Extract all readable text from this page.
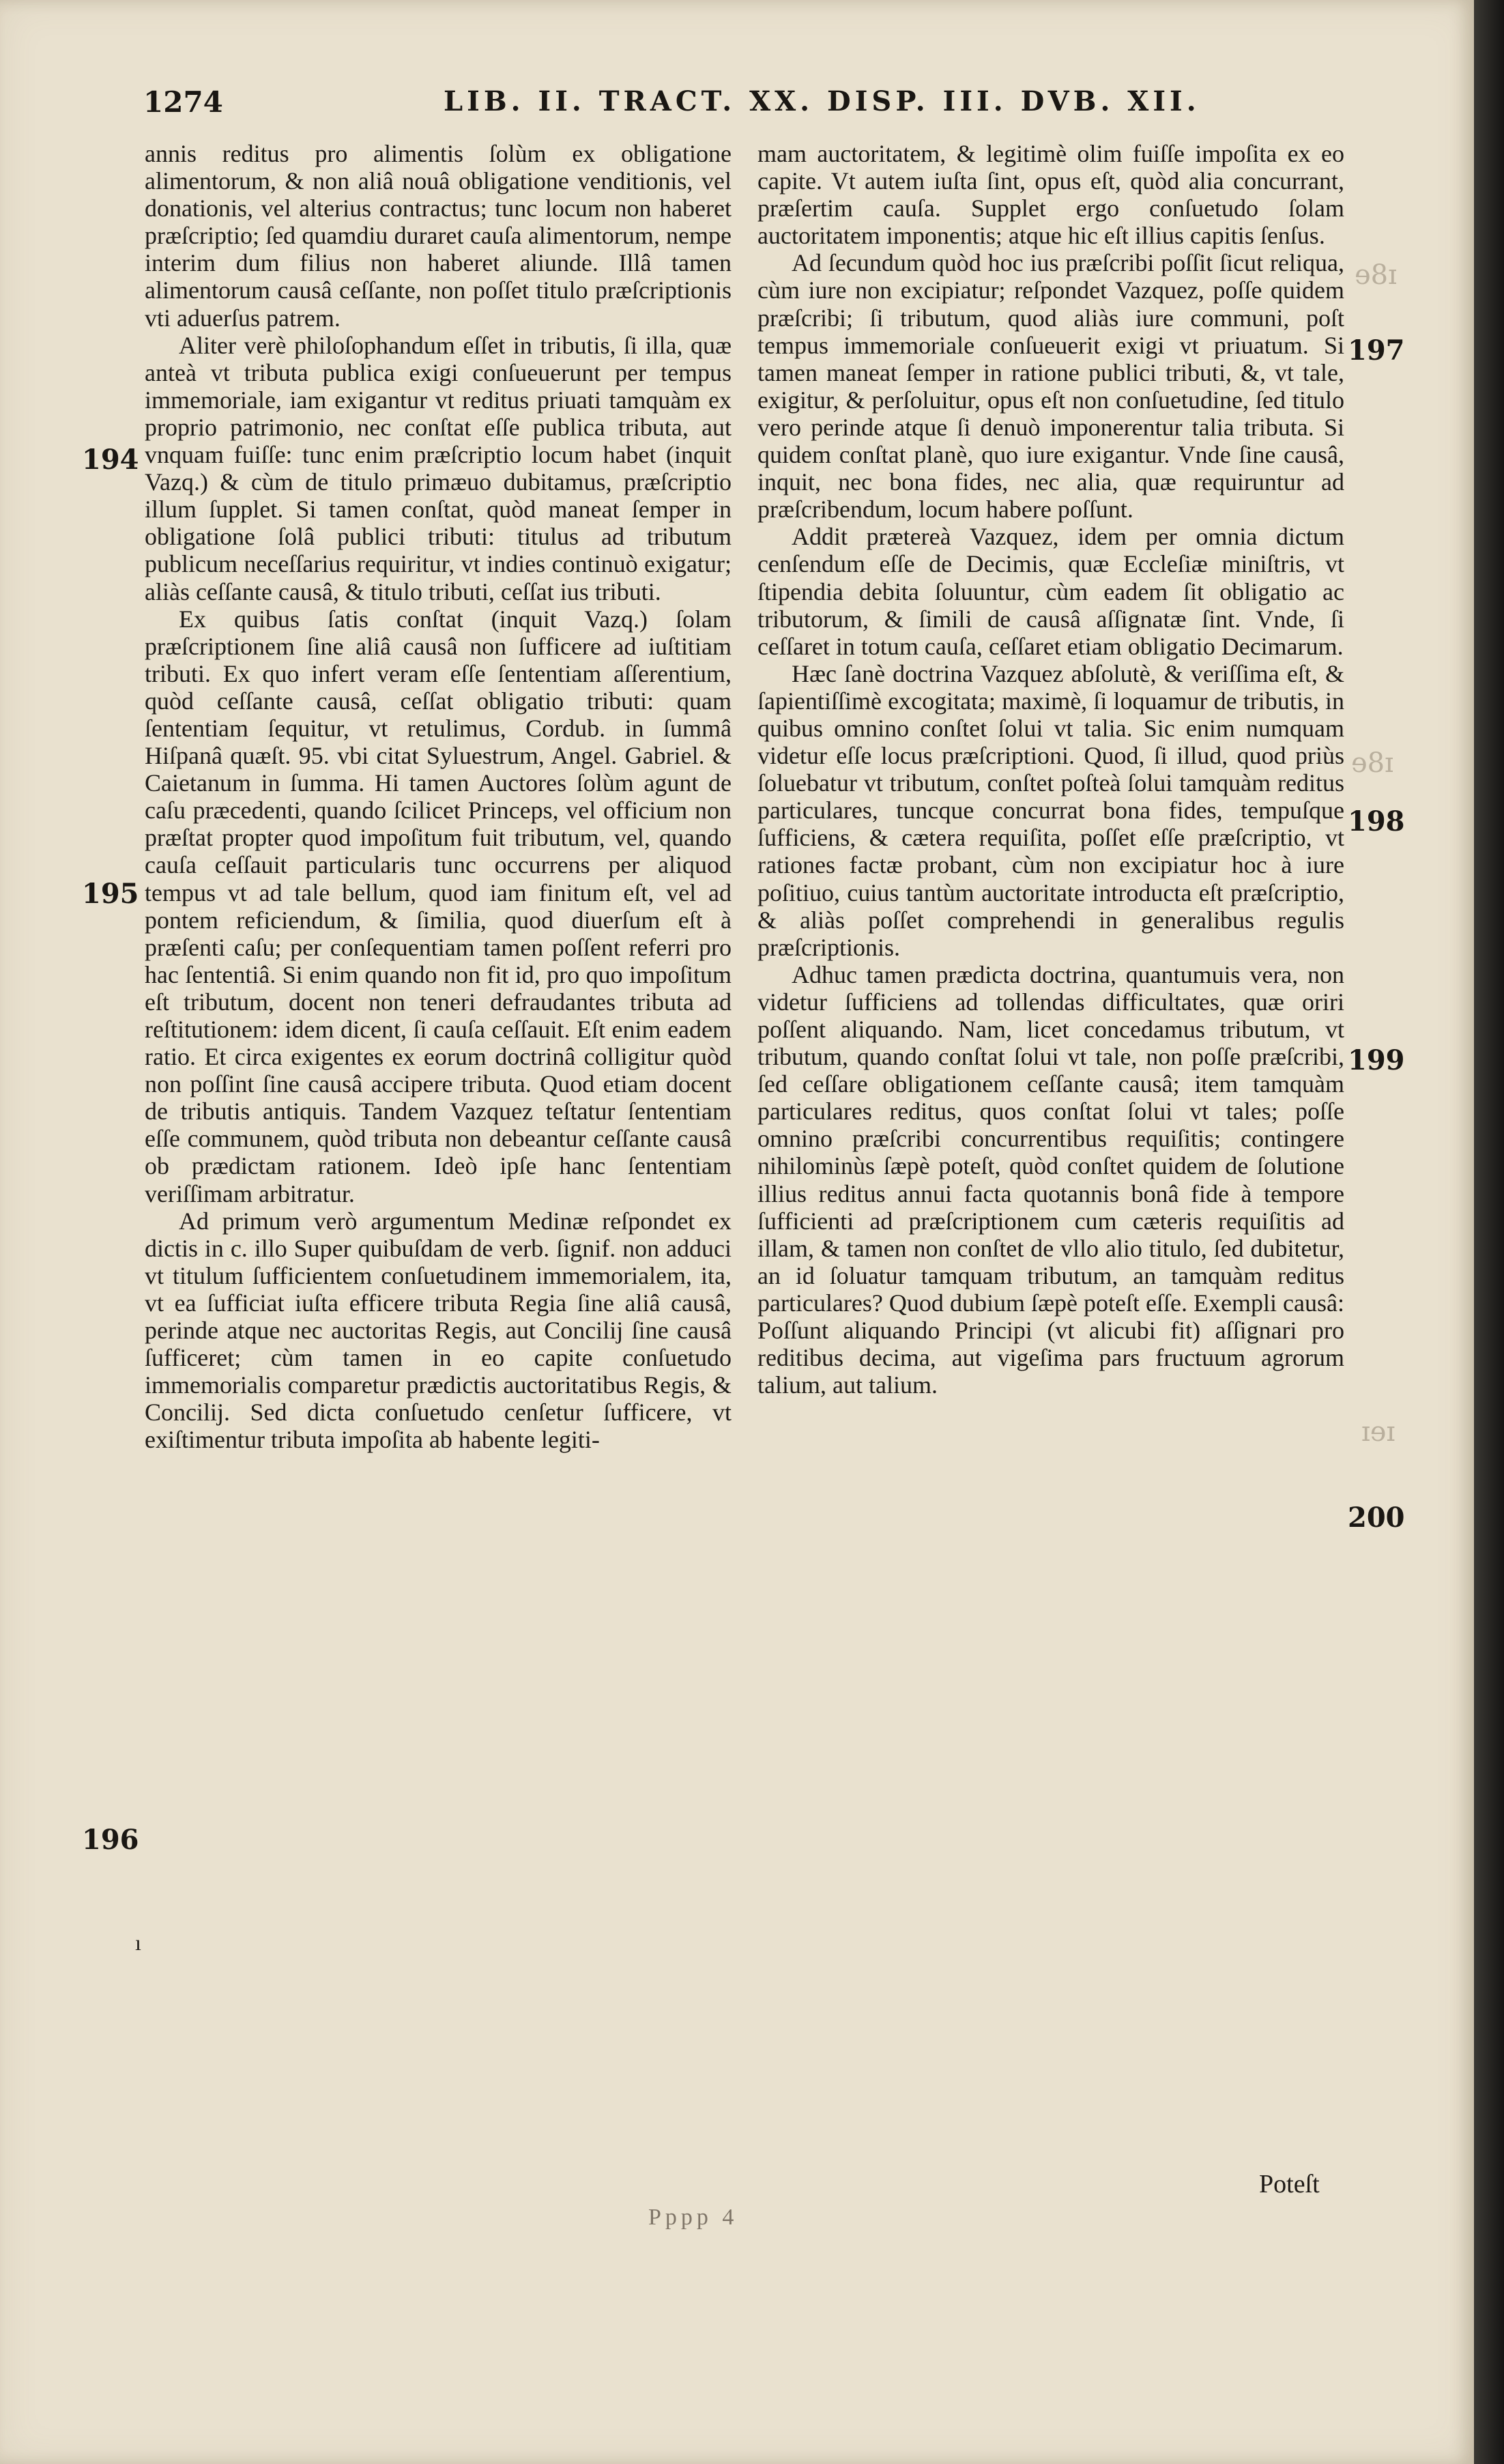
1274	LIB. II. TRACT. XX. DISP. III. DVB. XII.

annis reditus pro alimentis ſolùm ex obligatione alimentorum, & non aliâ nouâ obligatione venditionis, vel donationis, vel alterius contractus; tunc locum non haberet præſcriptio; ſed quamdiu duraret cauſa alimentorum, nempe interim dum filius non haberet aliunde. Illâ tamen alimentorum causâ ceſſante, non poſſet titulo præſcriptionis vti aduerſus patrem.

Aliter verè philoſophandum eſſet in tributis, ſi illa, quæ anteà vt tributa publica exigi conſueuerunt per tempus immemoriale, iam exigantur vt reditus priuati tamquàm ex proprio patrimonio, nec conſtat eſſe publica tributa, aut vnquam fuiſſe: tunc enim præſcriptio locum habet (inquit Vazq.) & cùm de titulo primæuo dubitamus, præſcriptio illum ſupplet. Si tamen conſtat, quòd maneat ſemper in obligatione ſolâ publici tributi: titulus ad tributum publicum neceſſarius requiritur, vt indies continuò exigatur; aliàs ceſſante causâ, & titulo tributi, ceſſat ius tributi.

Ex quibus ſatis conſtat (inquit Vazq.) ſolam præſcriptionem ſine aliâ causâ non ſufficere ad iuſtitiam tributi. Ex quo infert veram eſſe ſententiam aſſerentium, quòd ceſſante causâ, ceſſat obligatio tributi: quam ſententiam ſequitur, vt retulimus, Cordub. in ſummâ Hiſpanâ quæſt. 95. vbi citat Syluestrum, Angel. Gabriel. & Caietanum in ſumma. Hi tamen Auctores ſolùm agunt de caſu præcedenti, quando ſcilicet Princeps, vel officium non præſtat propter quod impoſitum fuit tributum, vel, quando cauſa ceſſauit particularis tunc occurrens per aliquod tempus vt ad tale bellum, quod iam finitum eſt, vel ad pontem reficiendum, & ſimilia, quod diuerſum eſt à præſenti caſu; per conſequentiam tamen poſſent referri pro hac ſententiâ. Si enim quando non fit id, pro quo impoſitum eſt tributum, docent non teneri defraudantes tributa ad reſtitutionem: idem dicent, ſi cauſa ceſſauit. Eſt enim eadem ratio. Et circa exigentes ex eorum doctrinâ colligitur quòd non poſſint ſine causâ accipere tributa. Quod etiam docent de tributis antiquis. Tandem Vazquez teſtatur ſententiam eſſe communem, quòd tributa non debeantur ceſſante causâ ob prædictam rationem. Ideò ipſe hanc ſententiam veriſſimam arbitratur.

Ad primum verò argumentum Medinæ reſpondet ex dictis in c. illo Super quibuſdam de verb. ſignif. non adduci vt titulum ſufficientem conſuetudinem immemorialem, ita, vt ea ſufficiat iuſta efficere tributa Regia ſine aliâ causâ, perinde atque nec auctoritas Regis, aut Concilij ſine causâ ſufficeret; cùm tamen in eo capite conſuetudo immemorialis comparetur prædictis auctoritatibus Regis, & Concilij. Sed dicta conſuetudo cenſetur ſufficere, vt exiſtimentur tributa impoſita ab habente legiti-

194
195
196
ı

mam auctoritatem, & legitimè olim fuiſſe impoſita ex eo capite. Vt autem iuſta ſint, opus eſt, quòd alia concurrant, præſertim cauſa. Supplet ergo conſuetudo ſolam auctoritatem imponentis; atque hic eſt illius capitis ſenſus.

Ad ſecundum quòd hoc ius præſcribi poſſit ſicut reliqua, cùm iure non excipiatur; reſpondet Vazquez, poſſe quidem præſcribi; ſi tributum, quod aliàs iure communi, poſt tempus immemoriale conſueuerit exigi vt priuatum. Si tamen maneat ſemper in ratione publici tributi, &, vt tale, exigitur, & perſoluitur, opus eſt non conſuetudine, ſed titulo vero perinde atque ſi denuò imponerentur talia tributa. Si quidem conſtat planè, quo iure exigantur. Vnde ſine causâ, inquit, nec bona fides, nec alia, quæ requiruntur ad præſcribendum, locum habere poſſunt.

Addit prætereà Vazquez, idem per omnia dictum cenſendum eſſe de Decimis, quæ Eccleſiæ miniſtris, vt ſtipendia debita ſoluuntur, cùm eadem ſit obligatio ac tributorum, & ſimili de causâ aſſignatæ ſint. Vnde, ſi ceſſaret in totum cauſa, ceſſaret etiam obligatio Decimarum.

Hæc ſanè doctrina Vazquez abſolutè, & veriſſima eſt, & ſapientiſſimè excogitata; maximè, ſi loquamur de tributis, in quibus omnino conſtet ſolui vt talia. Sic enim numquam videtur eſſe locus præſcriptioni. Quod, ſi illud, quod priùs ſoluebatur vt tributum, conſtet poſteà ſolui tamquàm reditus particulares, tuncque concurrat bona fides, tempuſque ſufficiens, & cætera requiſita, poſſet eſſe præſcriptio, vt rationes factæ probant, cùm non excipiatur hoc à iure poſitiuo, cuius tantùm auctoritate introducta eſt præſcriptio, & aliàs poſſet comprehendi in generalibus regulis præſcriptionis.

Adhuc tamen prædicta doctrina, quantumuis vera, non videtur ſufficiens ad tollendas difficultates, quæ oriri poſſent aliquando. Nam, licet concedamus tributum, vt tributum, quando conſtat ſolui vt tale, non poſſe præſcribi, ſed ceſſare obligationem ceſſante causâ; item tamquàm particulares reditus, quos conſtat ſolui vt tales; poſſe omnino præſcribi concurrentibus requiſitis; contingere nihilominùs ſæpè poteſt, quòd conſtet quidem de ſolutione illius reditus annui facta quotannis bonâ fide à tempore ſufficienti ad præſcriptionem cum cæteris requiſitis ad illam, & tamen non conſtet de vllo alio titulo, ſed dubitetur, an id ſoluatur tamquam tributum, an tamquàm reditus particulares? Quod dubium ſæpè poteſt eſſe. Exempli causâ: Poſſunt aliquando Principi (vt alicubi fit) aſſignari pro reditibus decima, aut vigeſima pars fructuum agrorum talium, aut talium.

197
198
199
200
ɘ8ɪ
ɘ8ɪ
ɪɘɪ
Poteſt
Pppp 4
